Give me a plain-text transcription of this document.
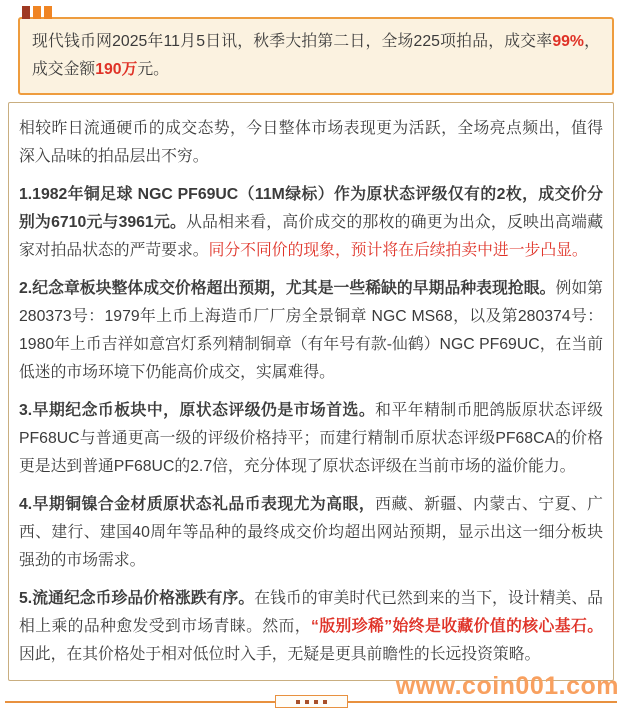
现代钱币网2025年11月5日讯，秋季大拍第二日，全场225项拍品，成交率99%，成交金额190万元。

相较昨日流通硬币的成交态势，今日整体市场表现更为活跃，全场亮点频出，值得深入品味的拍品层出不穷。

1.1982年铜足球 NGC PF69UC（11M绿标）作为原状态评级仅有的2枚，成交价分别为6710元与3961元。从品相来看，高价成交的那枚的确更为出众，反映出高端藏家对拍品状态的严苛要求。同分不同价的现象，预计将在后续拍卖中进一步凸显。

2.纪念章板块整体成交价格超出预期，尤其是一些稀缺的早期品种表现抢眼。例如第280373号：1979年上币上海造币厂厂房全景铜章 NGC MS68，以及第280374号：1980年上币吉祥如意宫灯系列精制铜章（有年号有款-仙鹤）NGC PF69UC，在当前低迷的市场环境下仍能高价成交，实属难得。

3.早期纪念币板块中，原状态评级仍是市场首选。和平年精制币肥鸽版原状态评级PF68UC与普通更高一级的评级价格持平；而建行精制币原状态评级PF68CA的价格更是达到普通PF68UC的2.7倍，充分体现了原状态评级在当前市场的溢价能力。

4.早期铜镍合金材质原状态礼品币表现尤为高眼，西藏、新疆、内蒙古、宁夏、广西、建行、建国40周年等品种的最终成交价均超出网站预期，显示出这一细分板块强劲的市场需求。

5.流通纪念币珍品价格涨跌有序。在钱币的审美时代已然到来的当下，设计精美、品相上乘的品种愈发受到市场青睐。然而，“版别珍稀”始终是收藏价值的核心基石。因此，在其价格处于相对低位时入手，无疑是更具前瞻性的长远投资策略。

www.coin001.com
